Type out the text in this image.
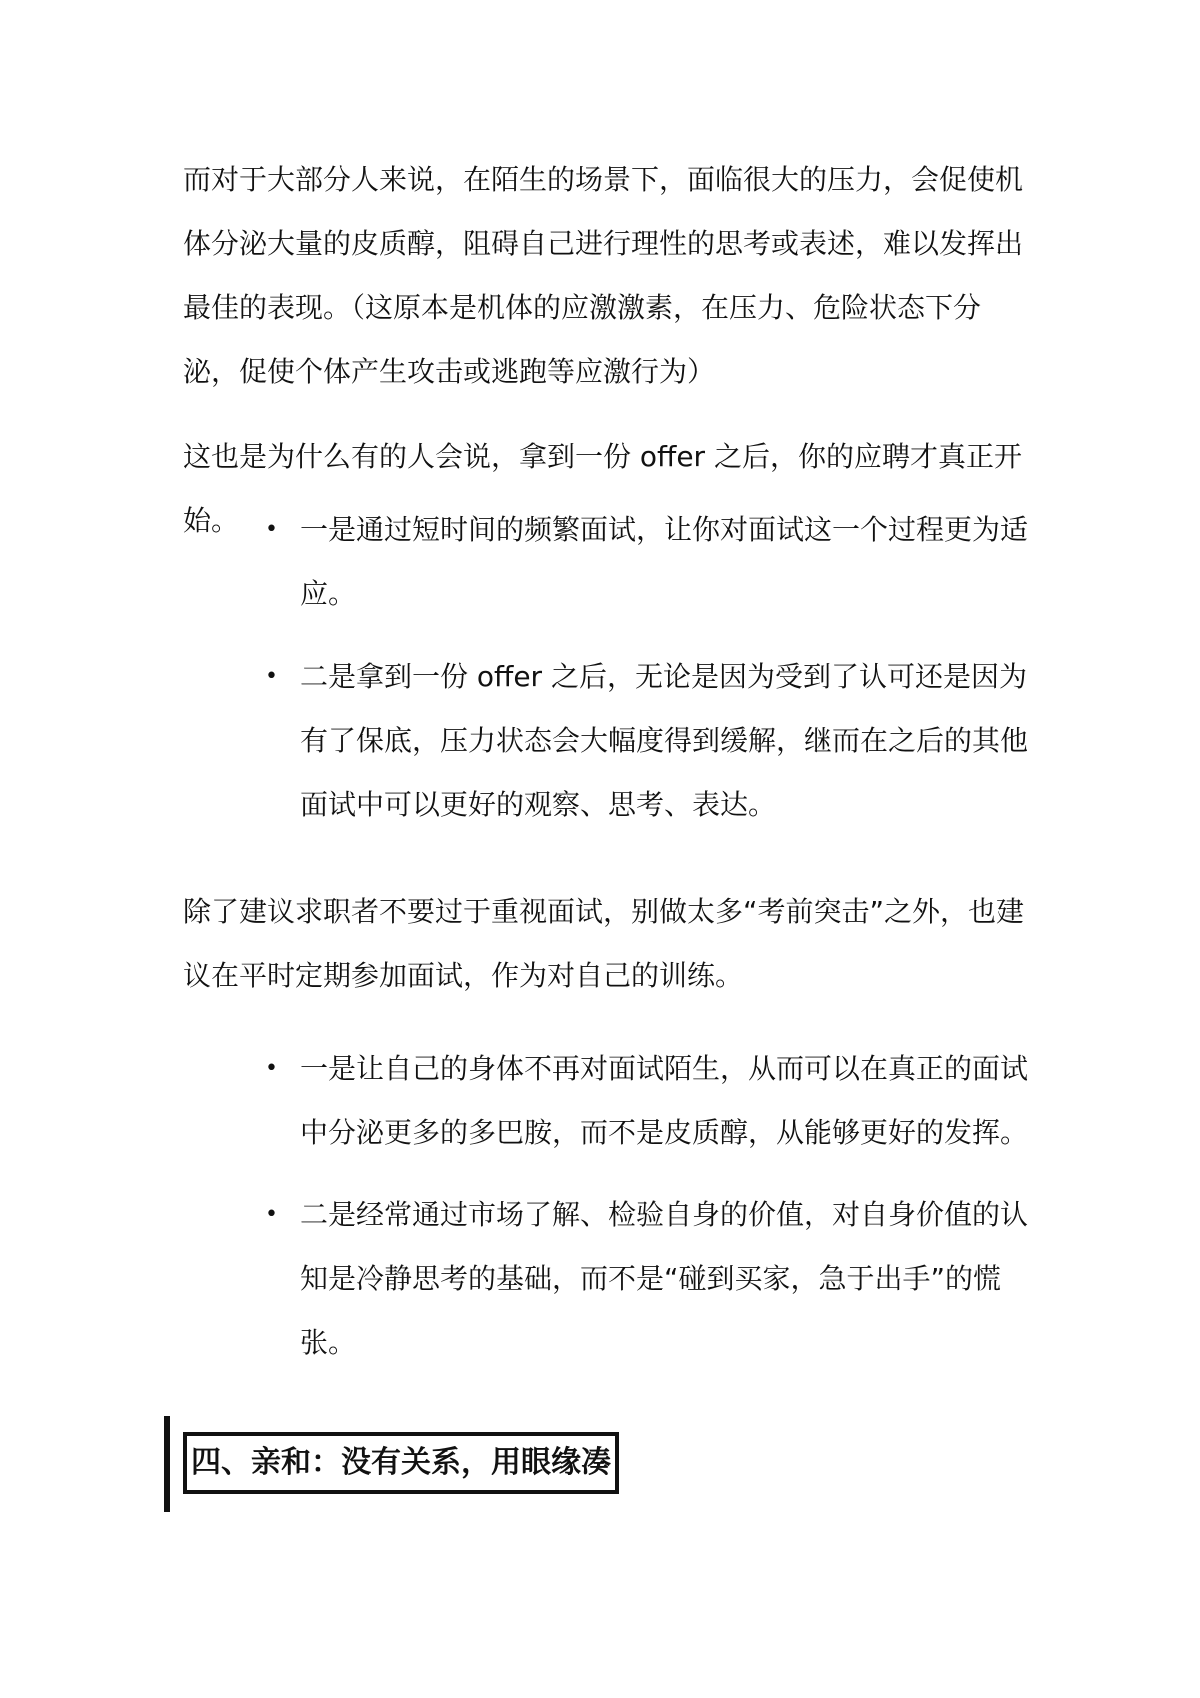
而对于大部分人来说，在陌生的场景下，面临很大的压力，会促使机体分泌大量的皮质醇，阻碍自己进行理性的思考或表述，难以发挥出最佳的表现。（这原本是机体的应激激素，在压力、危险状态下分泌，促使个体产生攻击或逃跑等应激行为）

这也是为什么有的人会说，拿到一份 offer 之后，你的应聘才真正开始。	• 一是通过短时间的频繁面试，让你对面试这一个过程更为适应。

• 二是拿到一份 offer 之后，无论是因为受到了认可还是因为有了保底，压力状态会大幅度得到缓解，继而在之后的其他面试中可以更好的观察、思考、表达。

除了建议求职者不要过于重视面试，别做太多“考前突击”之外，也建议在平时定期参加面试，作为对自己的训练。

• 一是让自己的身体不再对面试陌生，从而可以在真正的面试中分泌更多的多巴胺，而不是皮质醇，从能够更好的发挥。

• 二是经常通过市场了解、检验自身的价值，对自身价值的认知是冷静思考的基础，而不是“碰到买家，急于出手”的慌张。

四、亲和：没有关系，用眼缘凑
